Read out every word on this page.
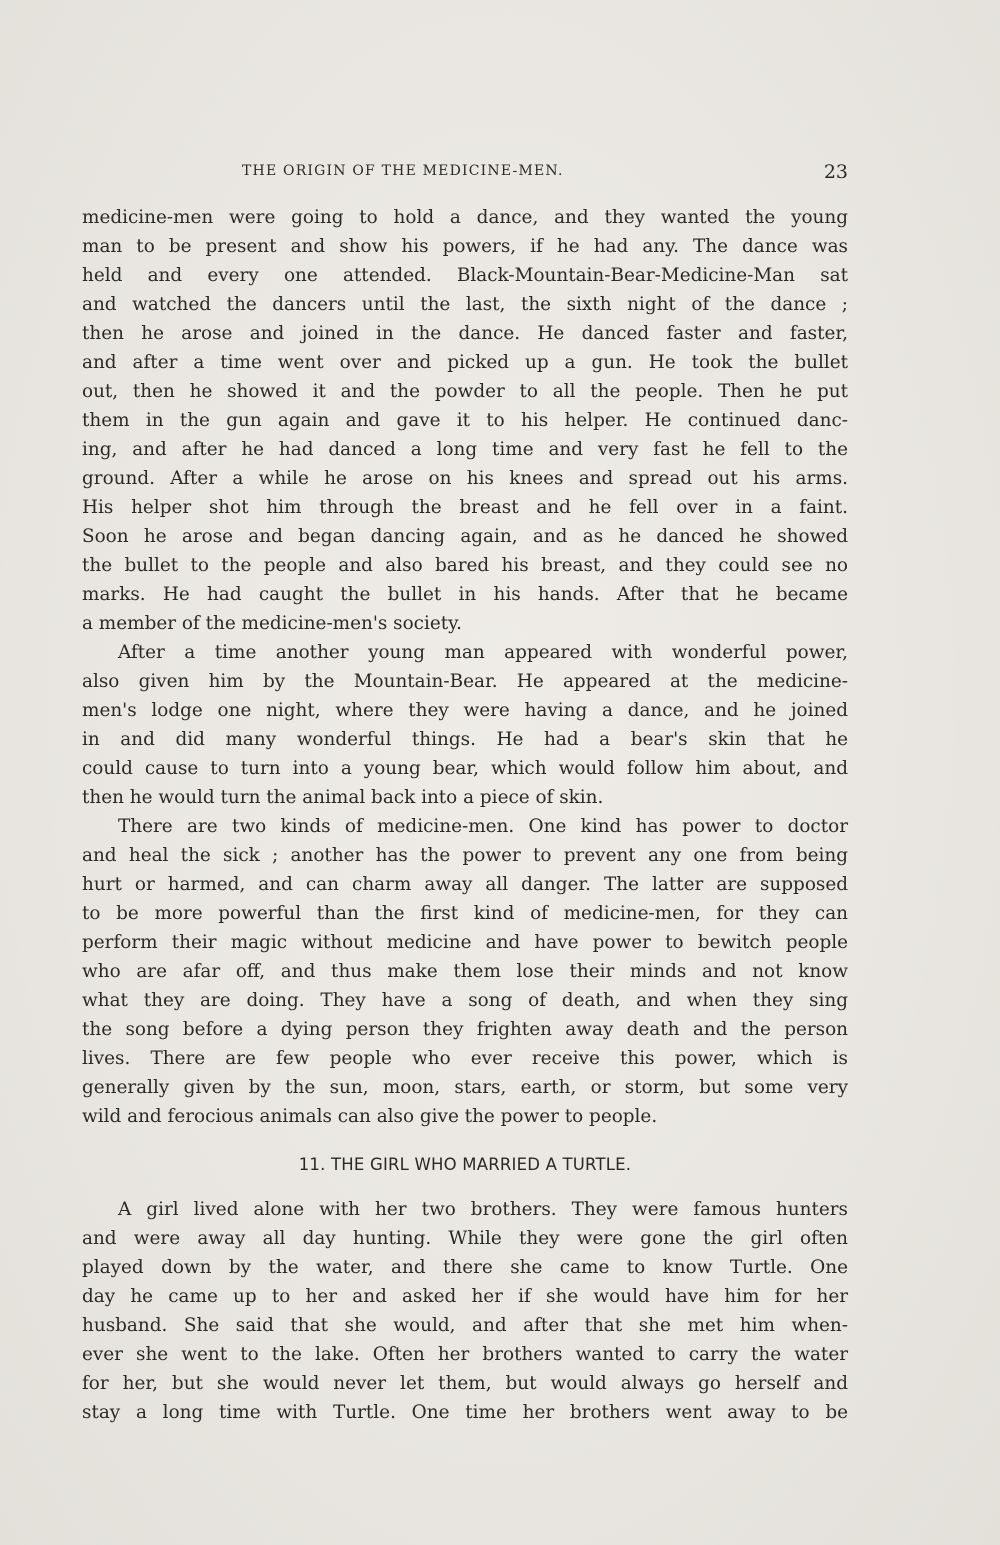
THE ORIGIN OF THE MEDICINE-MEN.	23
medicine-men were going to hold a dance, and they wanted the young
man to be present and show his powers, if he had any. The dance was
held and every one attended. Black-Mountain-Bear-Medicine-Man sat
and watched the dancers until the last, the sixth night of the dance ;
then he arose and joined in the dance. He danced faster and faster,
and after a time went over and picked up a gun. He took the bullet
out, then he showed it and the powder to all the people. Then he put
them in the gun again and gave it to his helper. He continued danc-
ing, and after he had danced a long time and very fast he fell to the
ground. After a while he arose on his knees and spread out his arms.
His helper shot him through the breast and he fell over in a faint.
Soon he arose and began dancing again, and as he danced he showed
the bullet to the people and also bared his breast, and they could see no
marks. He had caught the bullet in his hands. After that he became
a member of the medicine-men's society.
After a time another young man appeared with wonderful power,
also given him by the Mountain-Bear. He appeared at the medicine-
men's lodge one night, where they were having a dance, and he joined
in and did many wonderful things. He had a bear's skin that he
could cause to turn into a young bear, which would follow him about, and
then he would turn the animal back into a piece of skin.
There are two kinds of medicine-men. One kind has power to doctor
and heal the sick ; another has the power to prevent any one from being
hurt or harmed, and can charm away all danger. The latter are supposed
to be more powerful than the first kind of medicine-men, for they can
perform their magic without medicine and have power to bewitch people
who are afar off, and thus make them lose their minds and not know
what they are doing. They have a song of death, and when they sing
the song before a dying person they frighten away death and the person
lives. There are few people who ever receive this power, which is
generally given by the sun, moon, stars, earth, or storm, but some very
wild and ferocious animals can also give the power to people.
11. THE GIRL WHO MARRIED A TURTLE.
A girl lived alone with her two brothers. They were famous hunters
and were away all day hunting. While they were gone the girl often
played down by the water, and there she came to know Turtle. One
day he came up to her and asked her if she would have him for her
husband. She said that she would, and after that she met him when-
ever she went to the lake. Often her brothers wanted to carry the water
for her, but she would never let them, but would always go herself and
stay a long time with Turtle. One time her brothers went away to be
